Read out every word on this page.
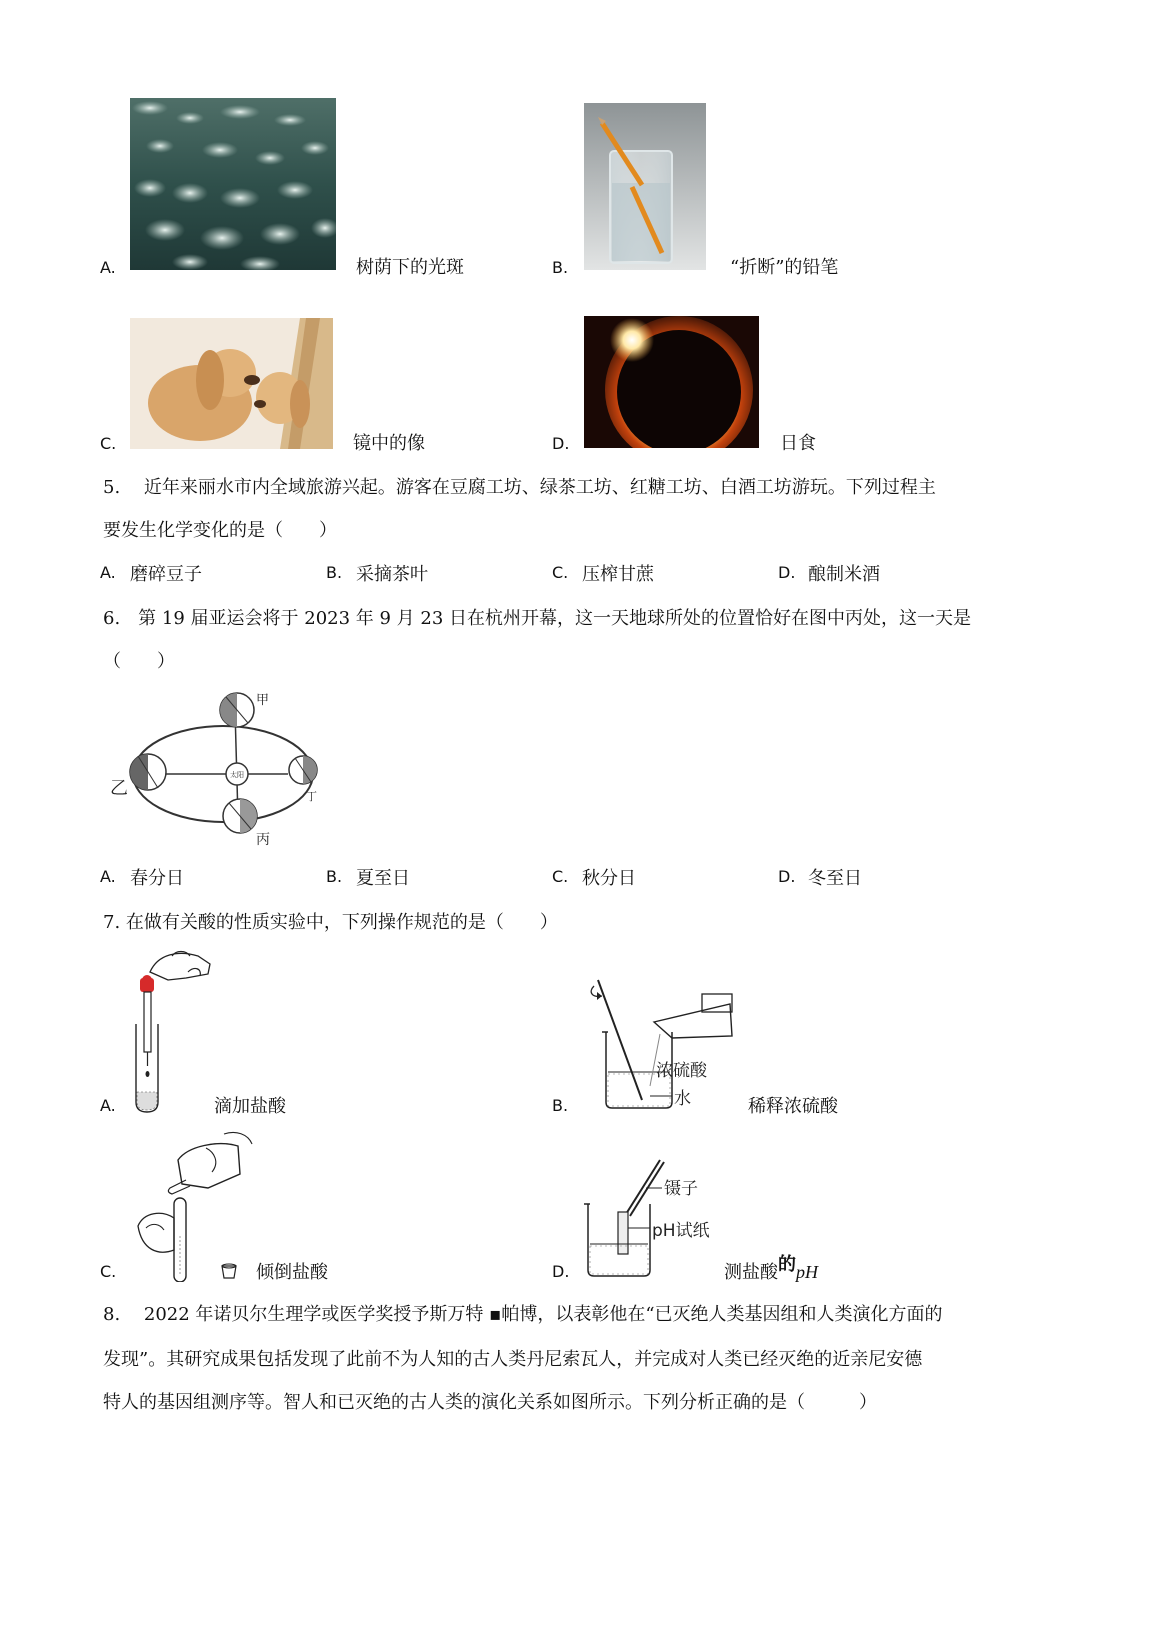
A.	树荫下的光斑	B.	“折断”的铅笔
C.	镜中的像	D.	日食
5.　 近年来丽水市内全域旅游兴起。游客在豆腐工坊、绿茶工坊、红糖工坊、白酒工坊游玩。下列过程主
要发生化学变化的是（　　）
A. 磨碎豆子	B. 采摘茶叶	C. 压榨甘蔗	D. 酿制米酒
6.　第 19 届亚运会将于 2023 年 9 月 23 日在杭州开幕，这一天地球所处的位置恰好在图中丙处，这一天是
（　　）
太阳
甲
乙
丙
丁
A. 春分日	B. 夏至日	C. 秋分日	D. 冬至日
7. 在做有关酸的性质实验中，下列操作规范的是（　　）
A.	滴加盐酸	B.
浓硫酸
水	稀释浓硫酸
C.	倾倒盐酸	D.
镊子
pH试纸
测盐酸的pH
8.　 2022 年诺贝尔生理学或医学奖授予斯万特 ▪帕博，以表彰他在“已灭绝人类基因组和人类演化方面的
发现”。其研究成果包括发现了此前不为人知的古人类丹尼索瓦人，并完成对人类已经灭绝的近亲尼安德
特人的基因组测序等。智人和已灭绝的古人类的演化关系如图所示。下列分析正确的是（　　　）
